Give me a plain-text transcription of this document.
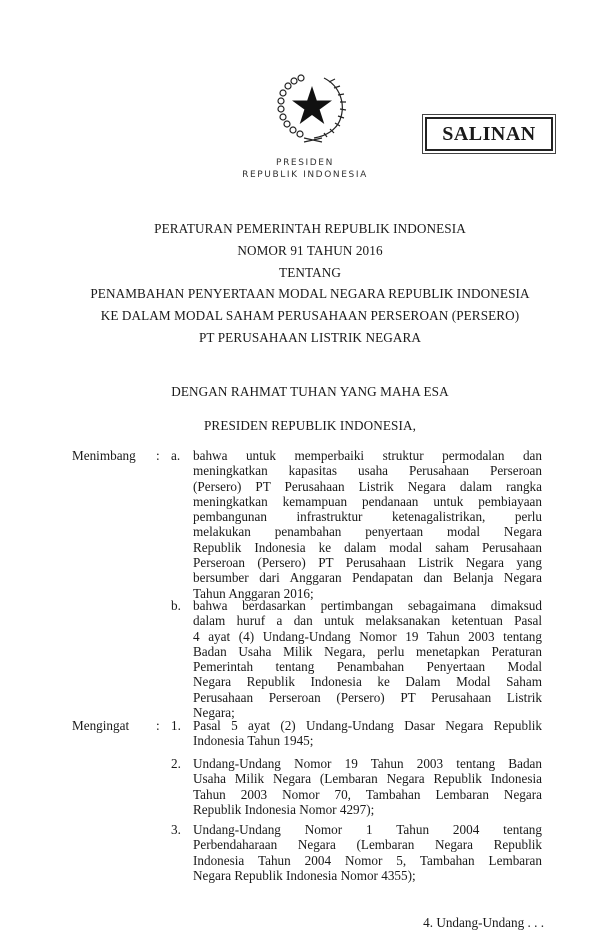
SALINAN
PRESIDEN
REPUBLIK INDONESIA
PERATURAN PEMERINTAH REPUBLIK INDONESIA
NOMOR 91 TAHUN 2016
TENTANG
PENAMBAHAN PENYERTAAN MODAL NEGARA REPUBLIK INDONESIA
KE DALAM MODAL SAHAM PERUSAHAAN PERSEROAN (PERSERO)
PT PERUSAHAAN LISTRIK NEGARA
DENGAN RAHMAT TUHAN YANG MAHA ESA
PRESIDEN REPUBLIK INDONESIA,
Menimbang : a. bahwa untuk memperbaiki struktur permodalan dan
meningkatkan kapasitas usaha Perusahaan Perseroan
(Persero) PT Perusahaan Listrik Negara dalam rangka
meningkatkan kemampuan pendanaan untuk pembiayaan
pembangunan infrastruktur ketenagalistrikan, perlu
melakukan penambahan penyertaan modal Negara
Republik Indonesia ke dalam modal saham Perusahaan
Perseroan (Persero) PT Perusahaan Listrik Negara yang
bersumber dari Anggaran Pendapatan dan Belanja Negara
Tahun Anggaran 2016;
b. bahwa berdasarkan pertimbangan sebagaimana dimaksud
dalam huruf a dan untuk melaksanakan ketentuan Pasal
4 ayat (4) Undang-Undang Nomor 19 Tahun 2003 tentang
Badan Usaha Milik Negara, perlu menetapkan Peraturan
Pemerintah tentang Penambahan Penyertaan Modal
Negara Republik Indonesia ke Dalam Modal Saham
Perusahaan Perseroan (Persero) PT Perusahaan Listrik
Negara;
Mengingat : 1. Pasal 5 ayat (2) Undang-Undang Dasar Negara Republik
Indonesia Tahun 1945;
2. Undang-Undang Nomor 19 Tahun 2003 tentang Badan
Usaha Milik Negara (Lembaran Negara Republik Indonesia
Tahun 2003 Nomor 70, Tambahan Lembaran Negara
Republik Indonesia Nomor 4297);
3. Undang-Undang Nomor 1 Tahun 2004 tentang
Perbendaharaan Negara (Lembaran Negara Republik
Indonesia Tahun 2004 Nomor 5, Tambahan Lembaran
Negara Republik Indonesia Nomor 4355);
4. Undang-Undang . . .
